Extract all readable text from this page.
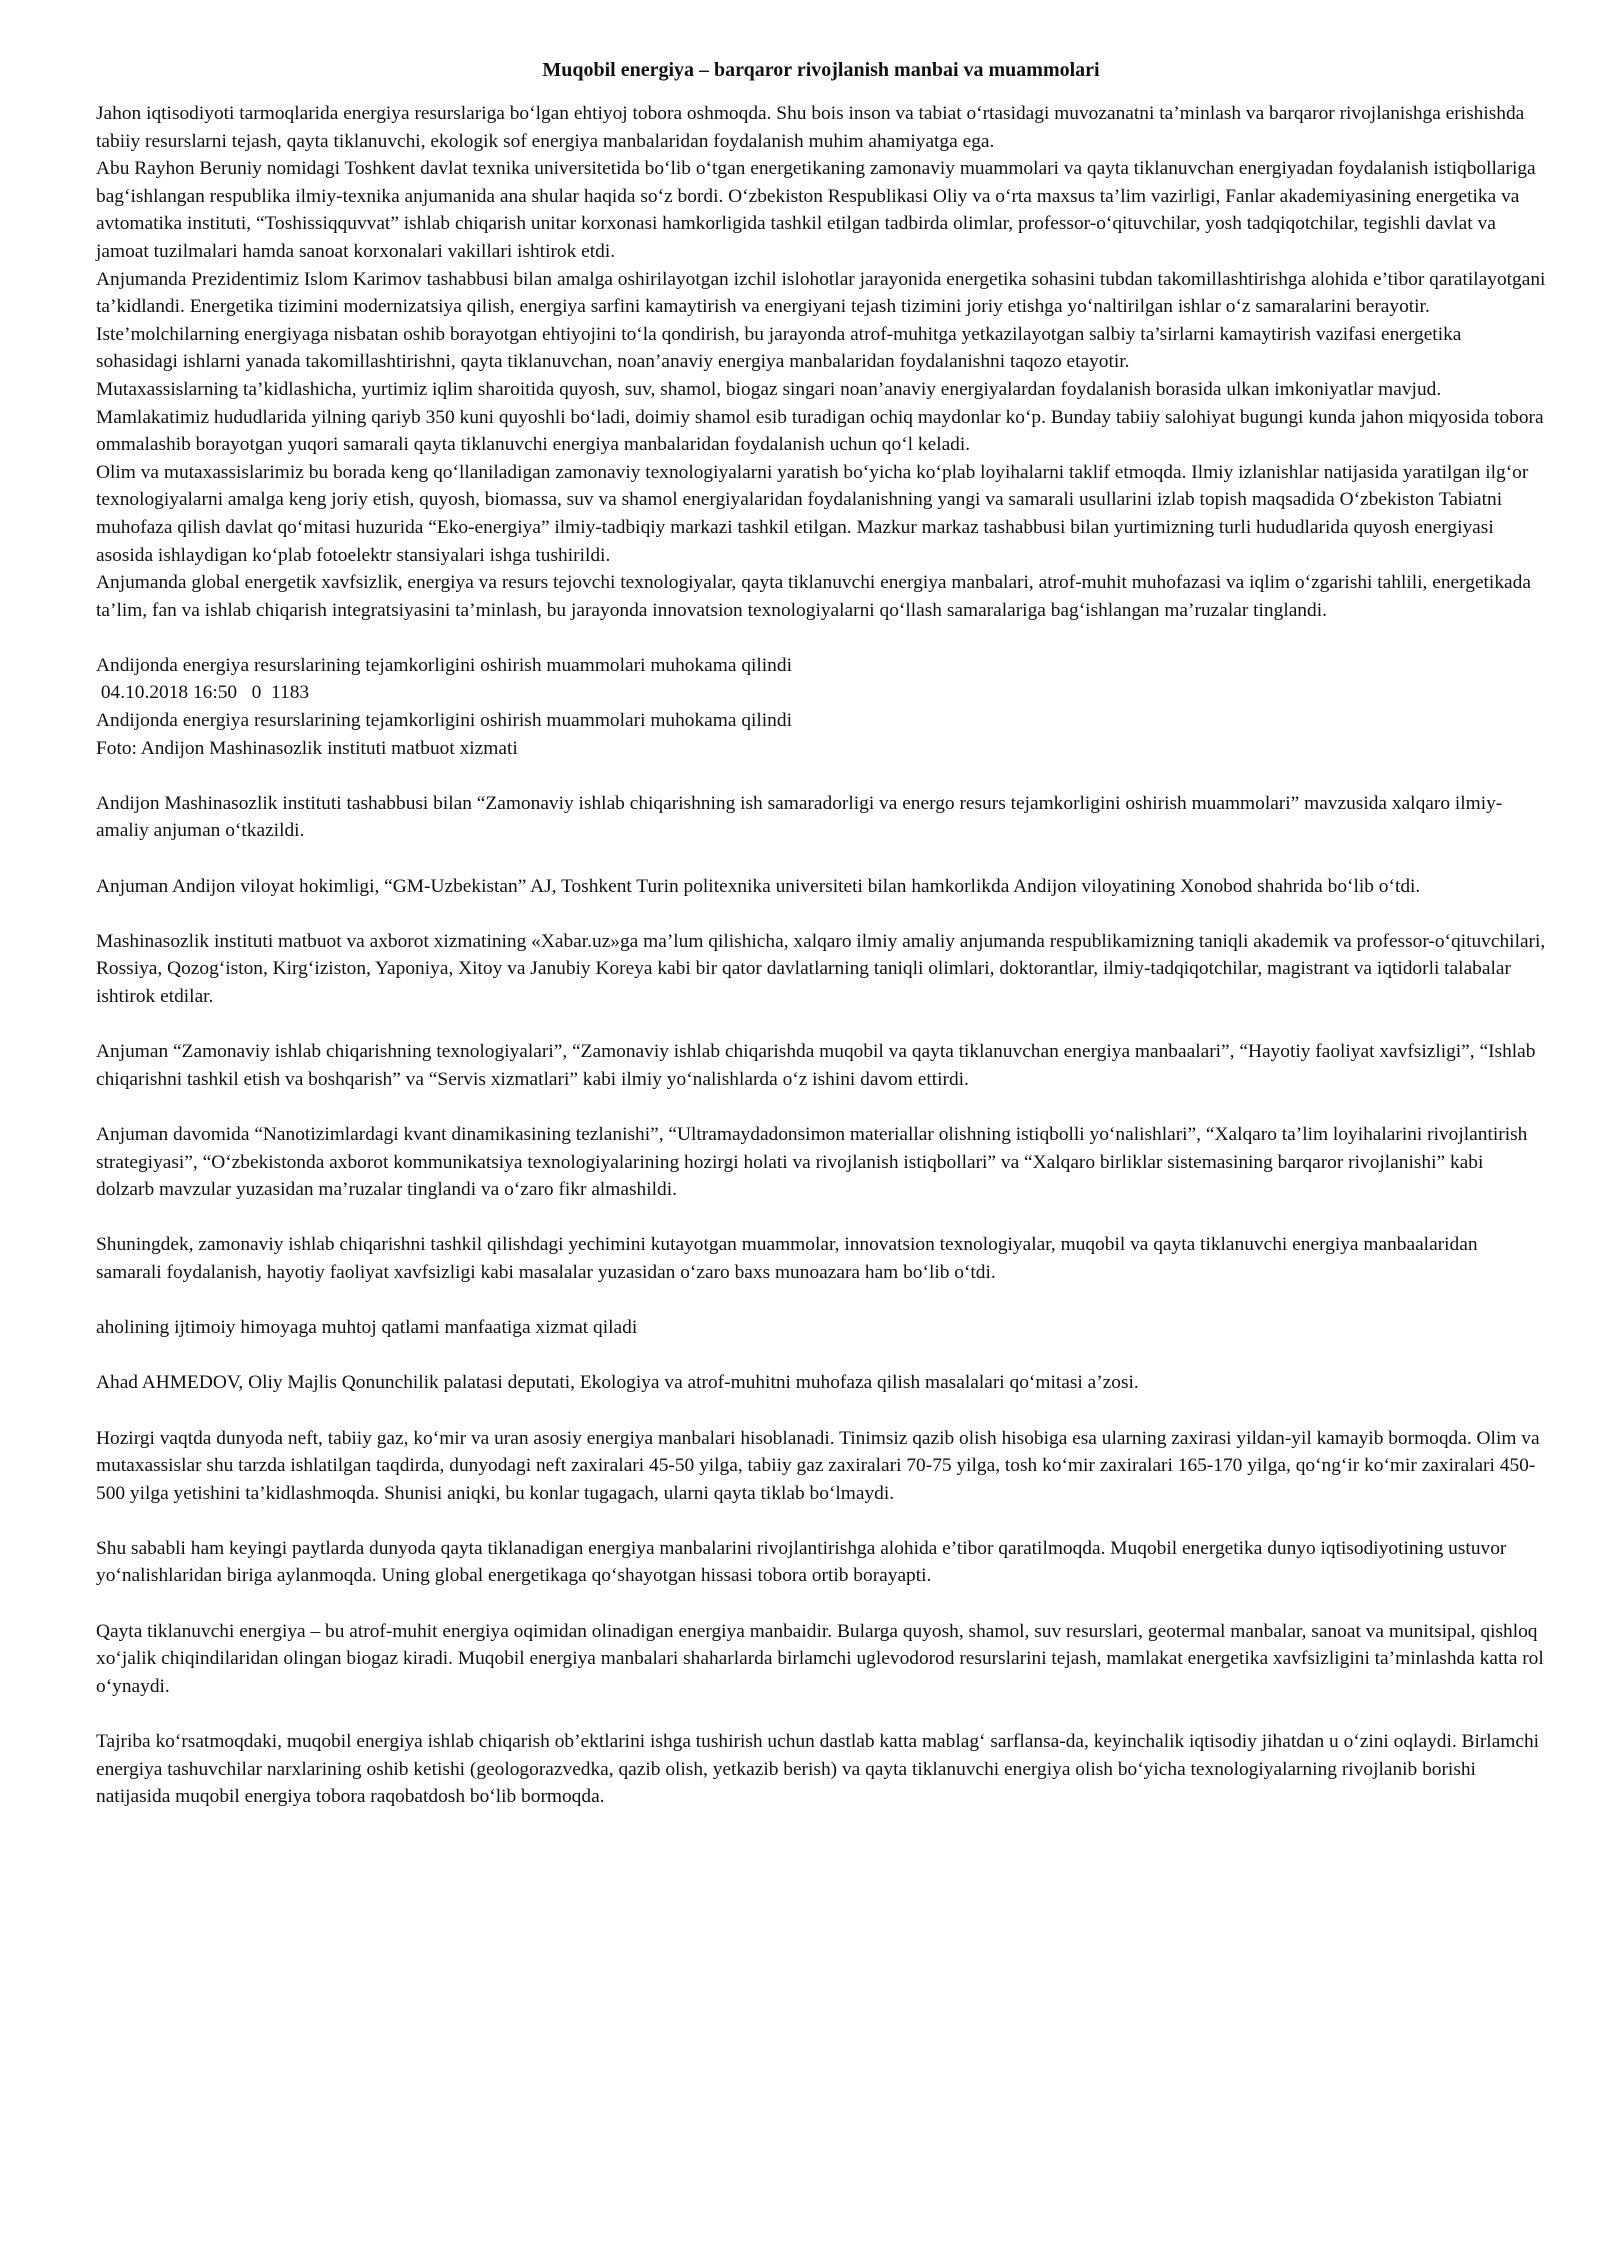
Muqobil energiya – barqaror rivojlanish manbai va muammolari

Jahon iqtisodiyoti tarmoqlarida energiya resurslariga bo‘lgan ehtiyoj tobora oshmoqda. Shu bois inson va tabiat o‘rtasidagi muvozanatni ta’minlash va barqaror rivojlanishga erishishda tabiiy resurslarni tejash, qayta tiklanuvchi, ekologik sof energiya manbalaridan foydalanish muhim ahamiyatga ega.

Abu Rayhon Beruniy nomidagi Toshkent davlat texnika universitetida bo‘lib o‘tgan energetikaning zamonaviy muammolari va qayta tiklanuvchan energiyadan foydalanish istiqbollariga bag‘ishlangan respublika ilmiy-texnika anjumanida ana shular haqida so‘z bordi. O‘zbekiston Respublikasi Oliy va o‘rta maxsus ta’lim vazirligi, Fanlar akademiyasining energetika va avtomatika instituti, “Toshissiqquvvat” ishlab chiqarish unitar korxonasi hamkorligida tashkil etilgan tadbirda olimlar, professor-o‘qituvchilar, yosh tadqiqotchilar, tegishli davlat va jamoat tuzilmalari hamda sanoat korxonalari vakillari ishtirok etdi.

Anjumanda Prezidentimiz Islom Karimov tashabbusi bilan amalga oshirilayotgan izchil islohotlar jarayonida energetika sohasini tubdan takomillashtirishga alohida e’tibor qaratilayotgani ta’kidlandi. Energetika tizimini modernizatsiya qilish, energiya sarfini kamaytirish va energiyani tejash tizimini joriy etishga yo‘naltirilgan ishlar o‘z samaralarini berayotir.

Iste’molchilarning energiyaga nisbatan oshib borayotgan ehtiyojini to‘la qondirish, bu jarayonda atrof-muhitga yetkazilayotgan salbiy ta’sirlarni kamaytirish vazifasi energetika sohasidagi ishlarni yanada takomillashtirishni, qayta tiklanuvchan, noan’anaviy energiya manbalaridan foydalanishni taqozo etayotir.

Mutaxassislarning ta’kidlashicha, yurtimiz iqlim sharoitida quyosh, suv, shamol, biogaz singari noan’anaviy energiyalardan foydalanish borasida ulkan imkoniyatlar mavjud. Mamlakatimiz hududlarida yilning qariyb 350 kuni quyoshli bo‘ladi, doimiy shamol esib turadigan ochiq maydonlar ko‘p. Bunday tabiiy salohiyat bugungi kunda jahon miqyosida tobora ommalashib borayotgan yuqori samarali qayta tiklanuvchi energiya manbalaridan foydalanish uchun qo‘l keladi.

Olim va mutaxassislarimiz bu borada keng qo‘llaniladigan zamonaviy texnologiyalarni yaratish bo‘yicha ko‘plab loyihalarni taklif etmoqda. Ilmiy izlanishlar natijasida yaratilgan ilg‘or texnologiyalarni amalga keng joriy etish, quyosh, biomassa, suv va shamol energiyalaridan foydalanishning yangi va samarali usullarini izlab topish maqsadida O‘zbekiston Tabiatni muhofaza qilish davlat qo‘mitasi huzurida “Eko-energiya” ilmiy-tadbiqiy markazi tashkil etilgan. Mazkur markaz tashabbusi bilan yurtimizning turli hududlarida quyosh energiyasi asosida ishlaydigan ko‘plab fotoelektr stansiyalari ishga tushirildi.

Anjumanda global energetik xavfsizlik, energiya va resurs tejovchi texnologiyalar, qayta tiklanuvchi energiya manbalari, atrof-muhit muhofazasi va iqlim o‘zgarishi tahlili, energetikada ta’lim, fan va ishlab chiqarish integratsiyasini ta’minlash, bu jarayonda innovatsion texnologiyalarni qo‘llash samaralariga bag‘ishlangan ma’ruzalar tinglandi.

Andijonda energiya resurslarining tejamkorligini oshirish muammolari muhokama qilindi

04.10.2018 16:50   0  1183

Andijonda energiya resurslarining tejamkorligini oshirish muammolari muhokama qilindi

Foto: Andijon Mashinasozlik instituti matbuot xizmati

Andijon Mashinasozlik instituti tashabbusi bilan “Zamonaviy ishlab chiqarishning ish samaradorligi va energo resurs tejamkorligini oshirish muammolari” mavzusida xalqaro ilmiy-amaliy anjuman o‘tkazildi.

Anjuman Andijon viloyat hokimligi, “GM-Uzbekistan” AJ, Toshkent Turin politexnika universiteti bilan hamkorlikda Andijon viloyatining Xonobod shahrida bo‘lib o‘tdi.

Mashinasozlik instituti matbuot va axborot xizmatining «Xabar.uz»ga ma’lum qilishicha, xalqaro ilmiy amaliy anjumanda respublikamizning taniqli akademik va professor-o‘qituvchilari, Rossiya, Qozog‘iston, Kirg‘iziston, Yaponiya, Xitoy va Janubiy Koreya kabi bir qator davlatlarning taniqli olimlari, doktorantlar, ilmiy-tadqiqotchilar, magistrant va iqtidorli talabalar ishtirok etdilar.

Anjuman “Zamonaviy ishlab chiqarishning texnologiyalari”, “Zamonaviy ishlab chiqarishda muqobil va qayta tiklanuvchan energiya manbaalari”, “Hayotiy faoliyat xavfsizligi”, “Ishlab chiqarishni tashkil etish va boshqarish” va “Servis xizmatlari” kabi ilmiy yo‘nalishlarda o‘z ishini davom ettirdi.

Anjuman davomida “Nanotizimlardagi kvant dinamikasining tezlanishi”, “Ultramaydadonsimon materiallar olishning istiqbolli yo‘nalishlari”, “Xalqaro ta’lim loyihalarini rivojlantirish strategiyasi”, “O‘zbekistonda axborot kommunikatsiya texnologiyalarining hozirgi holati va rivojlanish istiqbollari” va “Xalqaro birliklar sistemasining barqaror rivojlanishi” kabi dolzarb mavzular yuzasidan ma’ruzalar tinglandi va o‘zaro fikr almashildi.

Shuningdek, zamonaviy ishlab chiqarishni tashkil qilishdagi yechimini kutayotgan muammolar, innovatsion texnologiyalar, muqobil va qayta tiklanuvchi energiya manbaalaridan samarali foydalanish, hayotiy faoliyat xavfsizligi kabi masalalar yuzasidan o‘zaro baxs munoazara ham bo‘lib o‘tdi.

aholining ijtimoiy himoyaga muhtoj qatlami manfaatiga xizmat qiladi

Ahad AHMEDOV, Oliy Majlis Qonunchilik palatasi deputati, Ekologiya va atrof-muhitni muhofaza qilish masalalari qo‘mitasi a’zosi.

Hozirgi vaqtda dunyoda neft, tabiiy gaz, ko‘mir va uran asosiy energiya manbalari hisoblanadi. Tinimsiz qazib olish hisobiga esa ularning zaxirasi yildan-yil kamayib bormoqda. Olim va mutaxassislar shu tarzda ishlatilgan taqdirda, dunyodagi neft zaxiralari 45-50 yilga, tabiiy gaz zaxiralari 70-75 yilga, tosh ko‘mir zaxiralari 165-170 yilga, qo‘ng‘ir ko‘mir zaxiralari 450-500 yilga yetishini ta’kidlashmoqda. Shunisi aniqki, bu konlar tugagach, ularni qayta tiklab bo‘lmaydi.

Shu sababli ham keyingi paytlarda dunyoda qayta tiklanadigan energiya manbalarini rivojlantirishga alohida e’tibor qaratilmoqda. Muqobil energetika dunyo iqtisodiyotining ustuvor yo‘nalishlaridan biriga aylanmoqda. Uning global energetikaga qo‘shayotgan hissasi tobora ortib borayapti.

Qayta tiklanuvchi energiya – bu atrof-muhit energiya oqimidan olinadigan energiya manbaidir. Bularga quyosh, shamol, suv resurslari, geotermal manbalar, sanoat va munitsipal, qishloq xo‘jalik chiqindilaridan olingan biogaz kiradi. Muqobil energiya manbalari shaharlarda birlamchi uglevodorod resurslarini tejash, mamlakat energetika xavfsizligini ta’minlashda katta rol o‘ynaydi.

Tajriba ko‘rsatmoqdaki, muqobil energiya ishlab chiqarish ob’ektlarini ishga tushirish uchun dastlab katta mablag‘ sarflansa-da, keyinchalik iqtisodiy jihatdan u o‘zini oqlaydi. Birlamchi energiya tashuvchilar narxlarining oshib ketishi (geologorazvedka, qazib olish, yetkazib berish) va qayta tiklanuvchi energiya olish bo‘yicha texnologiyalarning rivojlanib borishi natijasida muqobil energiya tobora raqobatdosh bo‘lib bormoqda.
